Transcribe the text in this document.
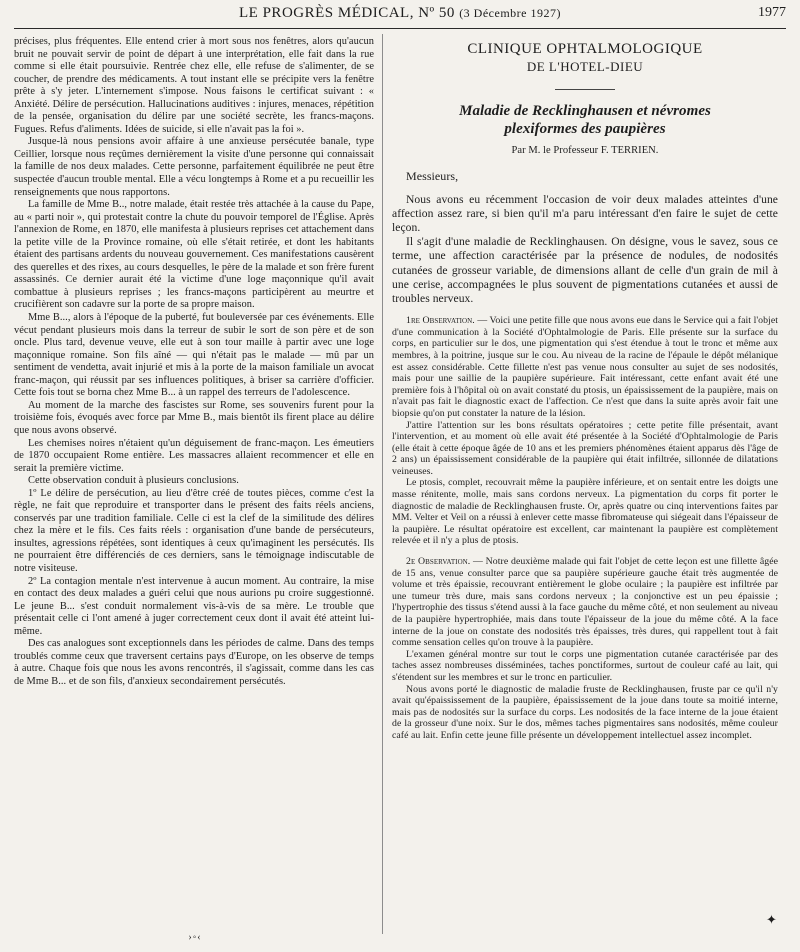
LE PROGRÈS MÉDICAL, Nº 50 (3 Décembre 1927)	1977

précises, plus fréquentes. Elle entend crier à mort sous nos fenêtres, alors qu'aucun bruit ne pouvait servir de point de départ à une interprétation, elle fait dans la rue comme si elle était poursuivie. Rentrée chez elle, elle refuse de s'alimenter, de se coucher, de prendre des médicaments. A tout instant elle se précipite vers la fenêtre prête à s'y jeter. L'internement s'impose. Nous faisons le certificat suivant : « Anxiété. Délire de persécution. Hallucinations auditives : injures, menaces, répétition de la pensée, organisation du délire par une société secrète, les francs-maçons. Fugues. Refus d'aliments. Idées de suicide, si elle n'avait pas la foi ».

Jusque-là nous pensions avoir affaire à une anxieuse persécutée banale, type Ceillier, lorsque nous reçûmes dernièrement la visite d'une personne qui connaissait la famille de nos deux malades. Cette personne, parfaitement équilibrée ne peut être suspectée d'aucun trouble mental. Elle a vécu longtemps à Rome et a pu recueillir les renseignements que nous rapportons.

La famille de Mme B.., notre malade, était restée très attachée à la cause du Pape, au « parti noir », qui protestait contre la chute du pouvoir temporel de l'Église. Après l'annexion de Rome, en 1870, elle manifesta à plusieurs reprises cet attachement dans la petite ville de la Province romaine, où elle s'était retirée, et dont les habitants étaient des partisans ardents du nouveau gouvernement. Ces manifestations causèrent des querelles et des rixes, au cours desquelles, le père de la malade et son frère furent assassinés. Ce dernier aurait été la victime d'une loge maçonnique qu'il avait combattue à plusieurs reprises ; les francs-maçons participèrent au meurtre et crucifièrent son cadavre sur la porte de sa propre maison.

Mme B..., alors à l'époque de la puberté, fut bouleversée par ces événements. Elle vécut pendant plusieurs mois dans la terreur de subir le sort de son père et de son oncle. Plus tard, devenue veuve, elle eut à son tour maille à partir avec une loge maçonnique romaine. Son fils aîné — qui n'était pas le malade — mû par un sentiment de vendetta, avait injurié et mis à la porte de la maison familiale un avocat franc-maçon, qui réussit par ses influences politiques, à briser sa carrière d'officier. Cette fois tout se borna chez Mme B... à un rappel des terreurs de l'adolescence.

Au moment de la marche des fascistes sur Rome, ses souvenirs furent pour la troisième fois, évoqués avec force par Mme B., mais bientôt ils firent place au délire que nous avons observé.

Les chemises noires n'étaient qu'un déguisement de franc-maçon. Les émeutiers de 1870 occupaient Rome entière. Les massacres allaient recommencer et elle en serait la première victime.

Cette observation conduit à plusieurs conclusions.

1º Le délire de persécution, au lieu d'être créé de toutes pièces, comme c'est la règle, ne fait que reproduire et transporter dans le présent des faits réels anciens, conservés par une tradition familiale. Celle ci est la clef de la similitude des délires chez la mère et le fils. Ces faits réels : organisation d'une bande de persécuteurs, insultes, agressions répétées, sont identiques à ceux qu'imaginent les persécutés. Ils ne pourraient être différenciés de ces derniers, sans le témoignage indiscutable de notre visiteuse.

2º La contagion mentale n'est intervenue à aucun moment. Au contraire, la mise en contact des deux malades a guéri celui que nous aurions pu croire suggestionné. Le jeune B... s'est conduit normalement vis-à-vis de sa mère. Le trouble que présentait celle ci l'ont amené à juger correctement ceux dont il avait été atteint lui-même.

Des cas analogues sont exceptionnels dans les périodes de calme. Dans des temps troublés comme ceux que traversent certains pays d'Europe, on les observe de temps à autre. Chaque fois que nous les avons rencontrés, il s'agissait, comme dans les cas de Mme B... et de son fils, d'anxieux secondairement persécutés.

CLINIQUE OPHTALMOLOGIQUE
DE L'HOTEL-DIEU
Maladie de Recklinghausen et névromes
plexiformes des paupières
Par M. le Professeur F. TERRIEN.

Messieurs,

Nous avons eu récemment l'occasion de voir deux malades atteintes d'une affection assez rare, si bien qu'il m'a paru intéressant d'en faire le sujet de cette leçon.

Il s'agit d'une maladie de Recklinghausen. On désigne, vous le savez, sous ce terme, une affection caractérisée par la présence de nodules, de nodosités cutanées de grosseur variable, de dimensions allant de celle d'un grain de mil à une cerise, accompagnées le plus souvent de pigmentations cutanées et aussi de troubles nerveux.

1re Observation. — Voici une petite fille que nous avons eue dans le Service qui a fait l'objet d'une communication à la Société d'Ophtalmologie de Paris. Elle présente sur la surface du corps, en particulier sur le dos, une pigmentation qui s'est étendue à tout le tronc et même aux membres, à la poitrine, jusque sur le cou. Au niveau de la racine de l'épaule le dépôt mélanique est assez considérable. Cette fillette n'est pas venue nous consulter au sujet de ses nodosités, mais pour une saillie de la paupière supérieure. Fait intéressant, cette enfant avait été une première fois à l'hôpital où on avait constaté du ptosis, un épaississement de la paupière, mais on n'avait pas fait le diagnostic exact de l'affection. Ce n'est que dans la suite après avoir fait une biopsie qu'on put constater la nature de la lésion.

J'attire l'attention sur les bons résultats opératoires ; cette petite fille présentait, avant l'intervention, et au moment où elle avait été présentée à la Société d'Ophtalmologie de Paris (elle était à cette époque âgée de 10 ans et les premiers phénomènes étaient apparus dès l'âge de 2 ans) un épaississement considérable de la paupière qui était infiltrée, sillonnée de dilatations veineuses.

Le ptosis, complet, recouvrait même la paupière inférieure, et on sentait entre les doigts une masse rénitente, molle, mais sans cordons nerveux. La pigmentation du corps fit porter le diagnostic de maladie de Recklinghausen fruste. Or, après quatre ou cinq interventions faites par MM. Velter et Veil on a réussi à enlever cette masse fibromateuse qui siégeait dans l'épaisseur de la paupière. Le résultat opératoire est excellent, car maintenant la paupière est complètement relevée et il n'y a plus de ptosis.

2e Observation. — Notre deuxième malade qui fait l'objet de cette leçon est une fillette âgée de 15 ans, venue consulter parce que sa paupière supérieure gauche était très augmentée de volume et très épaissie, recouvrant entièrement le globe oculaire ; la paupière est infiltrée par une tumeur très dure, mais sans cordons nerveux ; la conjonctive est un peu épaissie ; l'hypertrophie des tissus s'étend aussi à la face gauche du même côté, et non seulement au niveau de la paupière hypertrophiée, mais dans toute l'épaisseur de la joue du même côté. A la face interne de la joue on constate des nodosités très épaisses, très dures, qui rappellent tout à fait comme sensation celles qu'on trouve à la paupière.

L'examen général montre sur tout le corps une pigmentation cutanée caractérisée par des taches assez nombreuses disséminées, taches ponctiformes, surtout de couleur café au lait, qui s'étendent sur les membres et sur le tronc en particulier.

Nous avons porté le diagnostic de maladie fruste de Recklinghausen, fruste par ce qu'il n'y avait qu'épaississement de la paupière, épaississement de la joue dans toute sa moitié interne, mais pas de nodosités sur la surface du corps. Les nodosités de la face interne de la joue étaient de la grosseur d'une noix. Sur le dos, mêmes taches pigmentaires sans nodosités, même couleur café au lait. Enfin cette jeune fille présente un développement intellectuel assez incomplet.

›◦‹
✦
